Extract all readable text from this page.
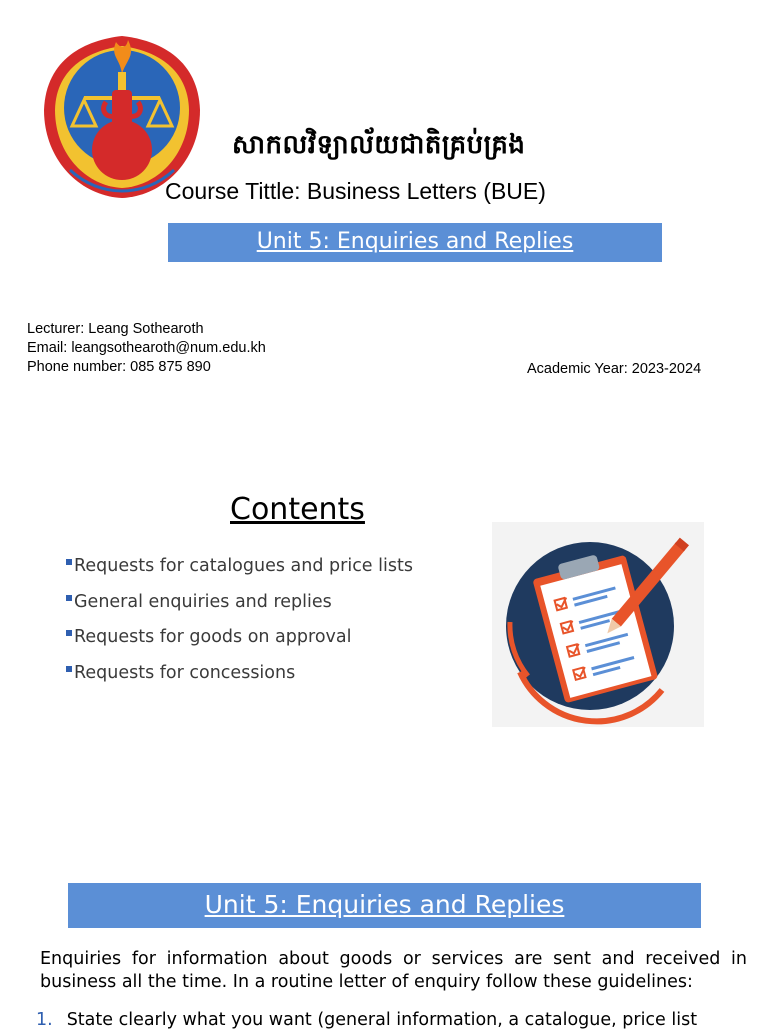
សាកលវិទ្យាល័យជាតិគ្រប់គ្រង
Course Tittle: Business Letters (BUE)
Unit 5: Enquiries and Replies
Lecturer: Leang Sothearoth
Email: leangsothearoth@num.edu.kh
Phone number: 085 875 890	Academic Year: 2023-2024
Contents
Requests for catalogues and price lists
General enquiries and replies
Requests for goods on approval
Requests for concessions
Unit 5: Enquiries and Replies
Enquiries for information about goods or services are sent and received in business all the time. In a routine letter of enquiry follow these guidelines:
1. State clearly what you want (general information, a catalogue, price list
